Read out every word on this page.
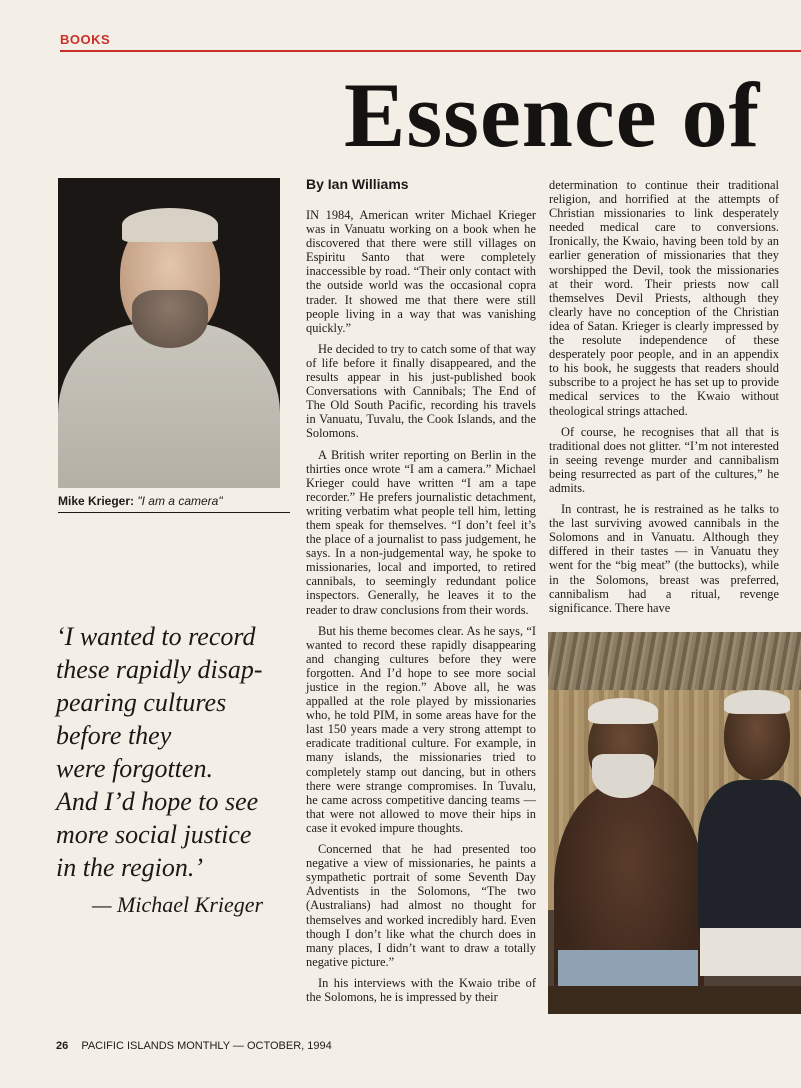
BOOKS
Essence of
Mike Krieger: "I am a camera"
‘I wanted to record
these rapidly disap-
pearing cultures
before they
were forgotten.
And I’d hope to see
more social justice
in the region.’
— Michael Krieger
By Ian Williams

IN 1984, American writer Michael Krieger was in Vanuatu working on a book when he discovered that there were still villages on Espiritu Santo that were completely inaccessible by road. “Their only contact with the outside world was the occasional copra trader. It showed me that there were still people living in a way that was vanishing quickly.”

He decided to try to catch some of that way of life before it finally disappeared, and the results appear in his just-published book Conversations with Cannibals; The End of The Old South Pacific, recording his travels in Vanuatu, Tuvalu, the Cook Islands, and the Solomons.

A British writer reporting on Berlin in the thirties once wrote “I am a camera.” Michael Krieger could have written “I am a tape recorder.” He prefers journalistic detachment, writing verbatim what people tell him, letting them speak for themselves. “I don’t feel it’s the place of a journalist to pass judgement, he says. In a non-judgemental way, he spoke to missionaries, local and imported, to retired cannibals, to seemingly redundant police inspectors. Generally, he leaves it to the reader to draw conclusions from their words.

But his theme becomes clear. As he says, “I wanted to record these rapidly disappearing and changing cultures before they were forgotten. And I’d hope to see more social justice in the region.” Above all, he was appalled at the role played by missionaries who, he told PIM, in some areas have for the last 150 years made a very strong attempt to eradicate traditional culture. For example, in many islands, the missionaries tried to completely stamp out dancing, but in others there were strange compromises. In Tuvalu, he came across competitive dancing teams — that were not allowed to move their hips in case it evoked impure thoughts.

Concerned that he had presented too negative a view of missionaries, he paints a sympathetic portrait of some Seventh Day Adventists in the Solomons, “The two (Australians) had almost no thought for themselves and worked incredibly hard. Even though I don’t like what the church does in many places, I didn’t want to draw a totally negative picture.”

In his interviews with the Kwaio tribe of the Solomons, he is impressed by their

determination to continue their traditional religion, and horrified at the attempts of Christian missionaries to link desperately needed medical care to conversions. Ironically, the Kwaio, having been told by an earlier generation of missionaries that they worshipped the Devil, took the missionaries at their word. Their priests now call themselves Devil Priests, although they clearly have no conception of the Christian idea of Satan. Krieger is clearly impressed by the resolute independence of these desperately poor people, and in an appendix to his book, he suggests that readers should subscribe to a project he has set up to provide medical services to the Kwaio without theological strings attached.

Of course, he recognises that all that is traditional does not glitter. “I’m not interested in seeing revenge murder and cannibalism being resurrected as part of the cultures,” he admits.

In contrast, he is restrained as he talks to the last surviving avowed cannibals in the Solomons and in Vanuatu. Although they differed in their tastes — in Vanuatu they went for the “big meat” (the buttocks), while in the Solomons, breast was preferred, cannibalism had a ritual, revenge significance. There have

26 PACIFIC ISLANDS MONTHLY — OCTOBER, 1994
